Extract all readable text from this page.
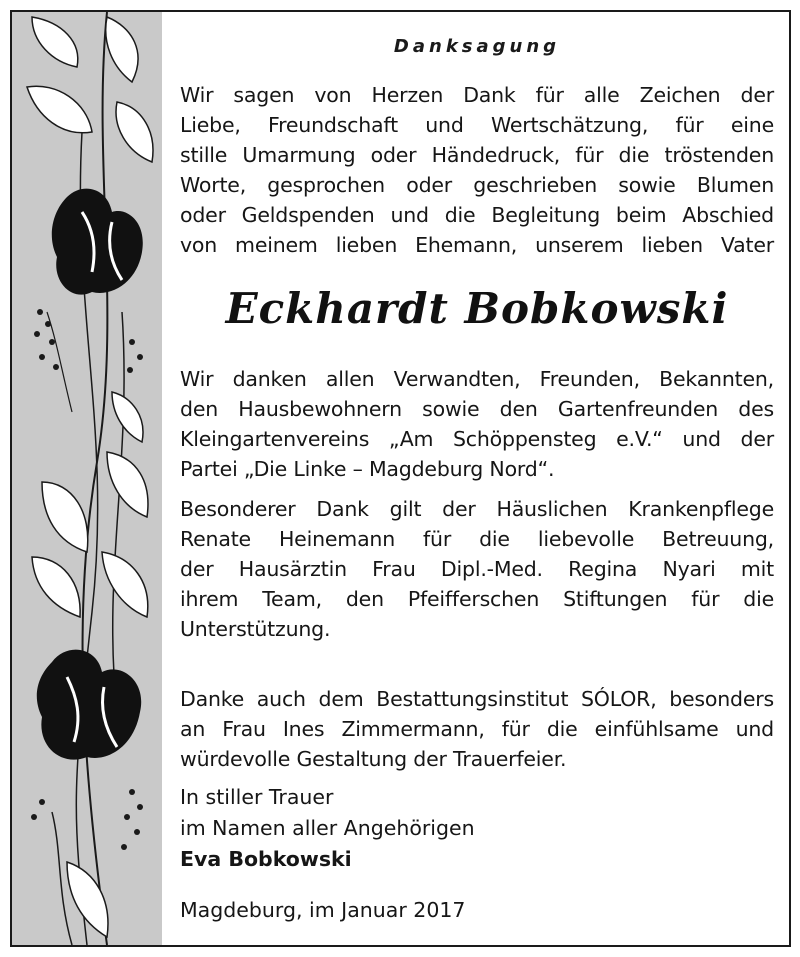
Danksagung

Wir sagen von Herzen Dank für alle Zeichen der
Liebe, Freundschaft und Wertschätzung, für eine
stille Umarmung oder Händedruck, für die tröstenden
Worte, gesprochen oder geschrieben sowie Blumen
oder Geldspenden und die Begleitung beim Abschied
von meinem lieben Ehemann, unserem lieben Vater

Eckhardt Bobkowski

Wir danken allen Verwandten, Freunden, Bekannten,
den Hausbewohnern sowie den Gartenfreunden des
Kleingartenvereins „Am Schöppensteg e.V.“ und der
Partei „Die Linke – Magdeburg Nord“.

Besonderer Dank gilt der Häuslichen Krankenpflege
Renate Heinemann für die liebevolle Betreuung,
der Hausärztin Frau Dipl.-Med. Regina Nyari mit
ihrem Team, den Pfeifferschen Stiftungen für die
Unterstützung.

Danke auch dem Bestattungsinstitut SÓLOR, besonders
an Frau Ines Zimmermann, für die einfühlsame und
würdevolle Gestaltung der Trauerfeier.

In stiller Trauer
im Namen aller Angehörigen
Eva Bobkowski
Magdeburg, im Januar 2017
